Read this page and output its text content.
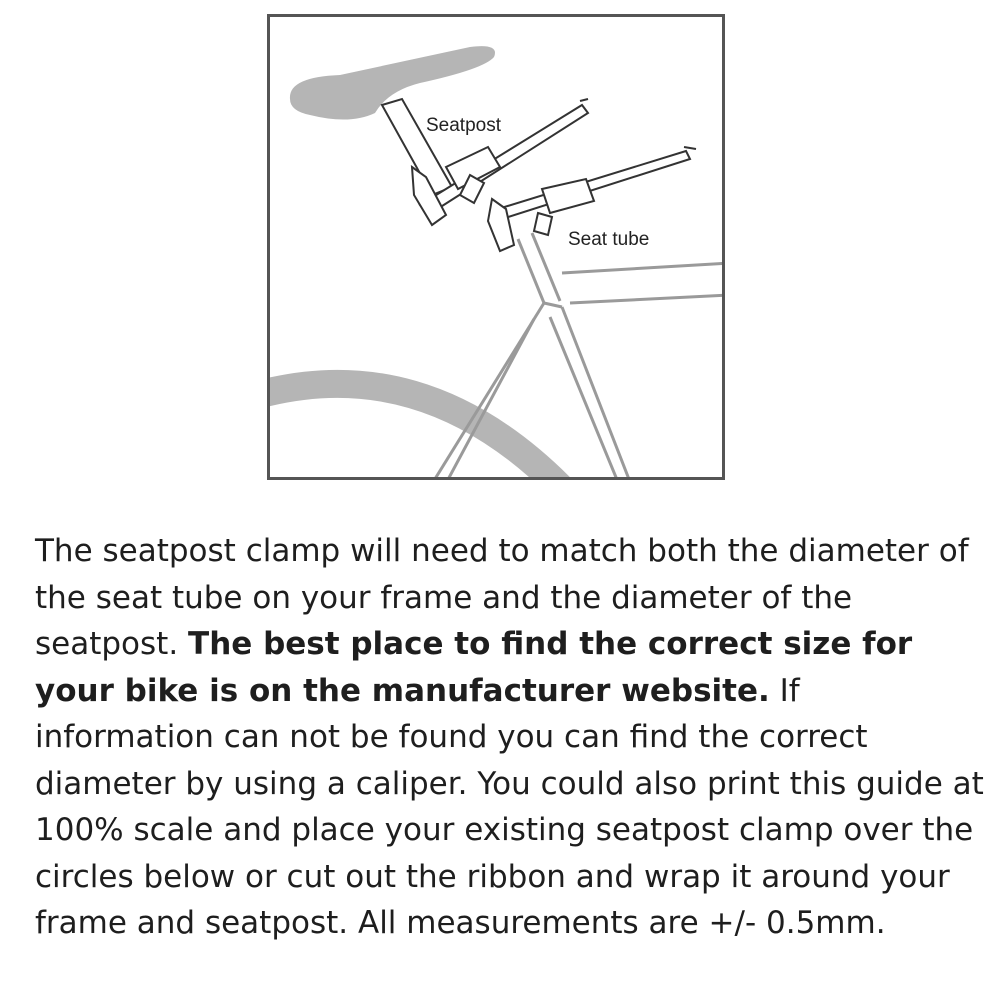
Seatpost
Seat tube

The seatpost clamp will need to match both the diameter of the seat tube on your frame and the diameter of the seatpost. The best place to find the correct size for your bike is on the manufacturer website. If information can not be found you can find the correct diameter by using a caliper. You could also print this guide at 100% scale and place your existing seatpost clamp over the circles below or cut out the ribbon and wrap it around your frame and seatpost. All measurements are +/- 0.5mm.
